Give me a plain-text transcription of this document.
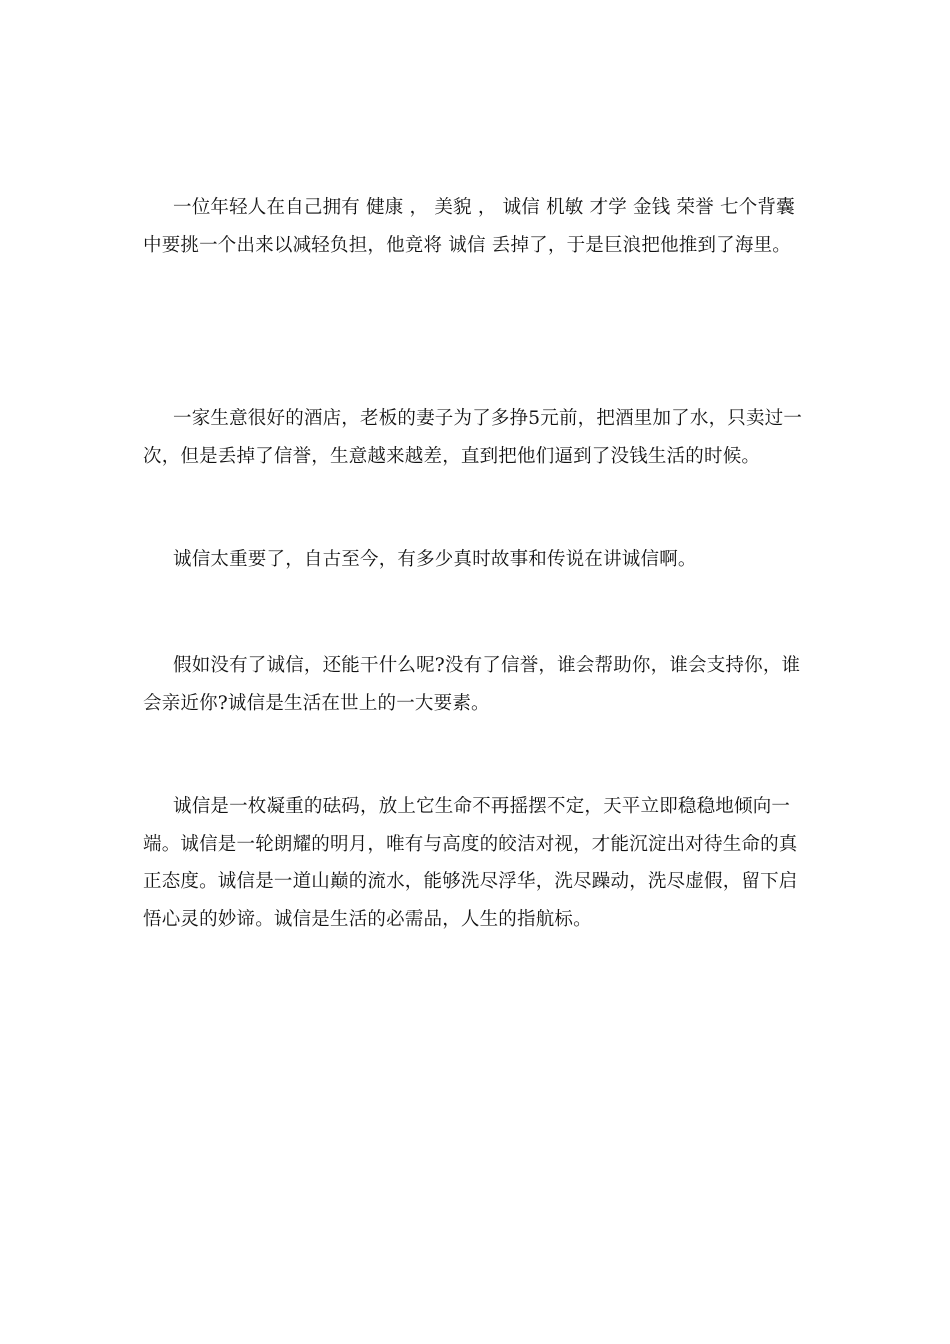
一位年轻人在自己拥有 健康 ， 美貌 ， 诚信 机敏 才学 金钱 荣誉 七个背囊中要挑一个出来以减轻负担，他竟将 诚信 丢掉了，于是巨浪把他推到了海里。

一家生意很好的酒店，老板的妻子为了多挣5元前，把酒里加了水，只卖过一次，但是丢掉了信誉，生意越来越差，直到把他们逼到了没钱生活的时候。

诚信太重要了，自古至今，有多少真时故事和传说在讲诚信啊。

假如没有了诚信，还能干什么呢?没有了信誉，谁会帮助你，谁会支持你，谁会亲近你?诚信是生活在世上的一大要素。

诚信是一枚凝重的砝码，放上它生命不再摇摆不定，天平立即稳稳地倾向一端。诚信是一轮朗耀的明月，唯有与高度的皎洁对视，才能沉淀出对待生命的真正态度。诚信是一道山巅的流水，能够洗尽浮华，洗尽躁动，洗尽虚假，留下启悟心灵的妙谛。诚信是生活的必需品，人生的指航标。
